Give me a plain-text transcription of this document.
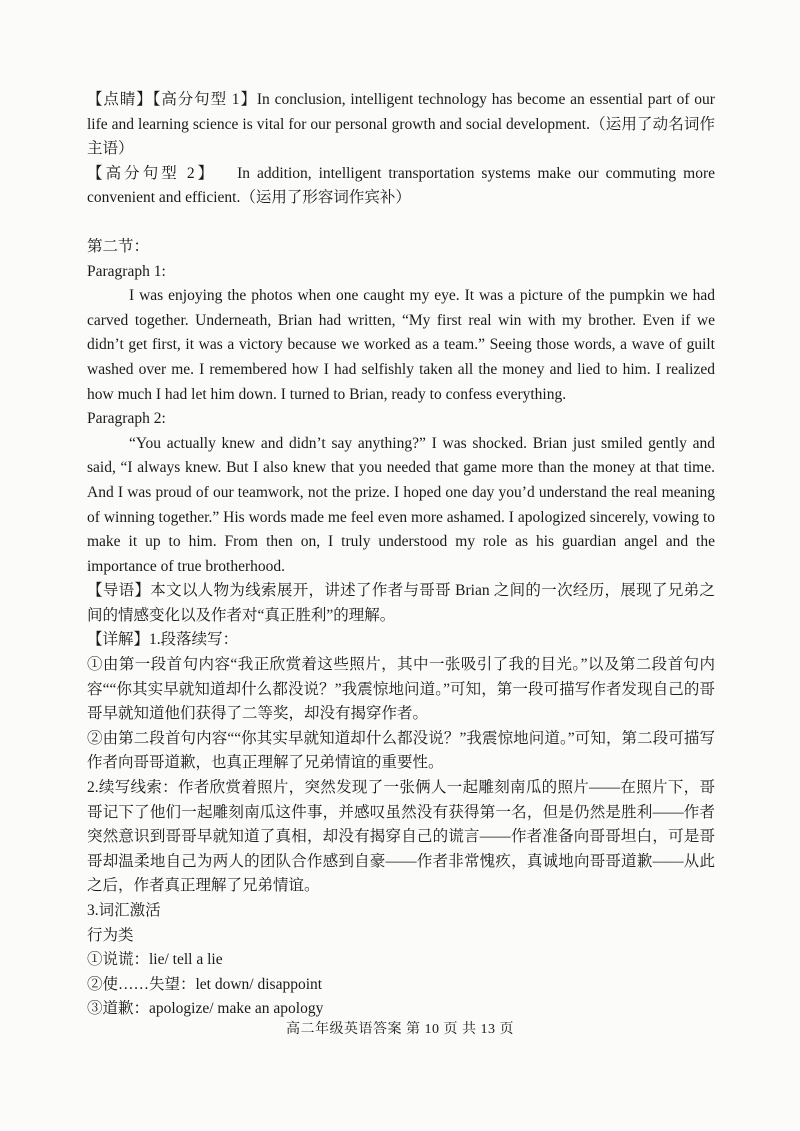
【点睛】【高分句型 1】In conclusion, intelligent technology has become an essential part of our life and learning science is vital for our personal growth and social development.（运用了动名词作主语）

【高分句型 2】   In addition, intelligent transportation systems make our commuting more convenient and efficient.（运用了形容词作宾补）

第二节：

Paragraph 1:

I was enjoying the photos when one caught my eye. It was a picture of the pumpkin we had carved together. Underneath, Brian had written, “My first real win with my brother. Even if we didn’t get first, it was a victory because we worked as a team.” Seeing those words, a wave of guilt washed over me. I remembered how I had selfishly taken all the money and lied to him. I realized how much I had let him down. I turned to Brian, ready to confess everything.

Paragraph 2:

“You actually knew and didn’t say anything?” I was shocked. Brian just smiled gently and said, “I always knew. But I also knew that you needed that game more than the money at that time. And I was proud of our teamwork, not the prize. I hoped one day you’d understand the real meaning of winning together.” His words made me feel even more ashamed. I apologized sincerely, vowing to make it up to him. From then on, I truly understood my role as his guardian angel and the importance of true brotherhood.

【导语】本文以人物为线索展开，讲述了作者与哥哥 Brian 之间的一次经历，展现了兄弟之间的情感变化以及作者对“真正胜利”的理解。

【详解】1.段落续写：

①由第一段首句内容“我正欣赏着这些照片，其中一张吸引了我的目光。”以及第二段首句内容““你其实早就知道却什么都没说？”我震惊地问道。”可知，第一段可描写作者发现自己的哥哥早就知道他们获得了二等奖，却没有揭穿作者。

②由第二段首句内容““你其实早就知道却什么都没说？”我震惊地问道。”可知，第二段可描写作者向哥哥道歉，也真正理解了兄弟情谊的重要性。

2.续写线索：作者欣赏着照片，突然发现了一张俩人一起雕刻南瓜的照片——在照片下，哥哥记下了他们一起雕刻南瓜这件事，并感叹虽然没有获得第一名，但是仍然是胜利——作者突然意识到哥哥早就知道了真相，却没有揭穿自己的谎言——作者准备向哥哥坦白，可是哥哥却温柔地自己为两人的团队合作感到自豪——作者非常愧疚，真诚地向哥哥道歉——从此之后，作者真正理解了兄弟情谊。

3.词汇激活

行为类

①说谎：lie/ tell a lie

②使……失望：let down/ disappoint

③道歉：apologize/ make an apology

高二年级英语答案 第 10 页 共 13 页
